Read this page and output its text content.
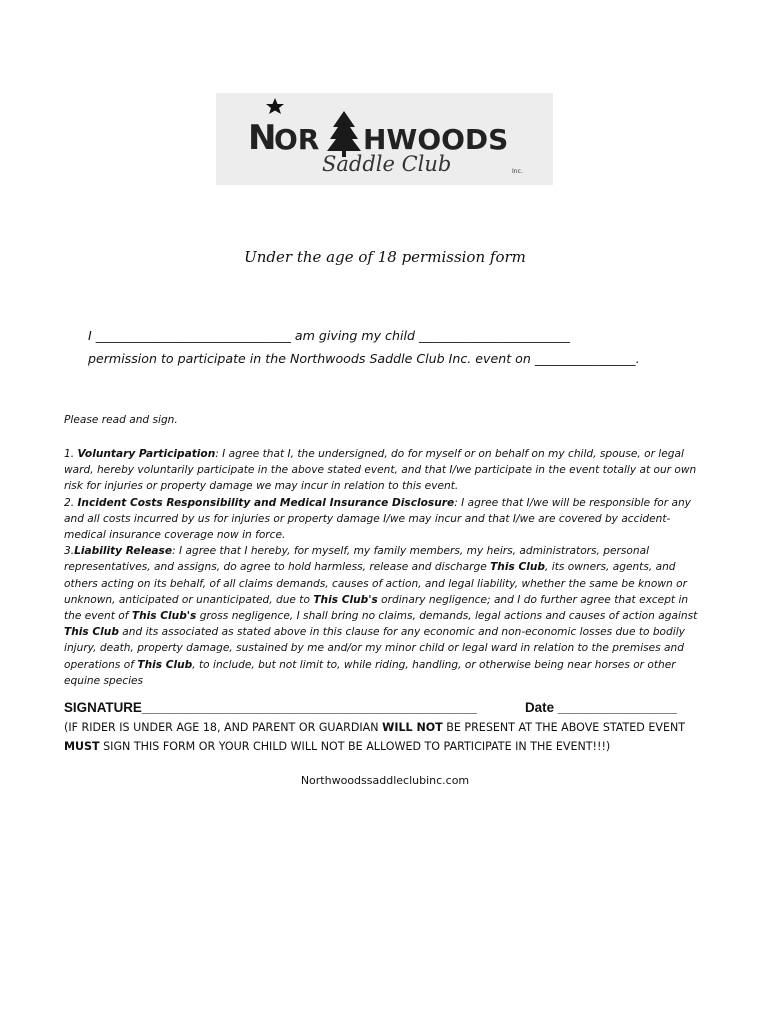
N
OR HWOODS
Saddle Club	Inc.
Under the age of 18 permission form
I _______________________________ am giving my child ________________________
permission to participate in the Northwoods Saddle Club Inc. event on ________________.
Please read and sign.

1. Voluntary Participation: I agree that I, the undersigned, do for myself or on behalf on my child, spouse, or legal ward, hereby voluntarily participate in the above stated event, and that I/we participate in the event totally at our own risk for injuries or property damage we may incur in relation to this event.

2. Incident Costs Responsibility and Medical Insurance Disclosure: I agree that I/we will be responsible for any and all costs incurred by us for injuries or property damage I/we may incur and that I/we are covered by accident-medical insurance coverage now in force.

3.Liability Release: I agree that I hereby, for myself, my family members, my heirs, administrators, personal representatives, and assigns, do agree to hold harmless, release and discharge This Club, its owners, agents, and others acting on its behalf, of all claims demands, causes of action, and legal liability, whether the same be known or unknown, anticipated or unanticipated, due to This Club's ordinary negligence; and I do further agree that except in the event of This Club's gross negligence, I shall bring no claims, demands, legal actions and causes of action against This Club and its associated as stated above in this clause for any economic and non-economic losses due to bodily injury, death, property damage, sustained by me and/or my minor child or legal ward in relation to the premises and operations of This Club, to include, but not limit to, while riding, handling, or otherwise being near horses or other equine species

SIGNATURE_____________________________________________	Date ________________
(IF RIDER IS UNDER AGE 18, AND PARENT OR GUARDIAN WILL NOT BE PRESENT AT THE ABOVE STATED EVENT MUST SIGN THIS FORM OR YOUR CHILD WILL NOT BE ALLOWED TO PARTICIPATE IN THE EVENT!!!)
Northwoodssaddleclubinc.com
